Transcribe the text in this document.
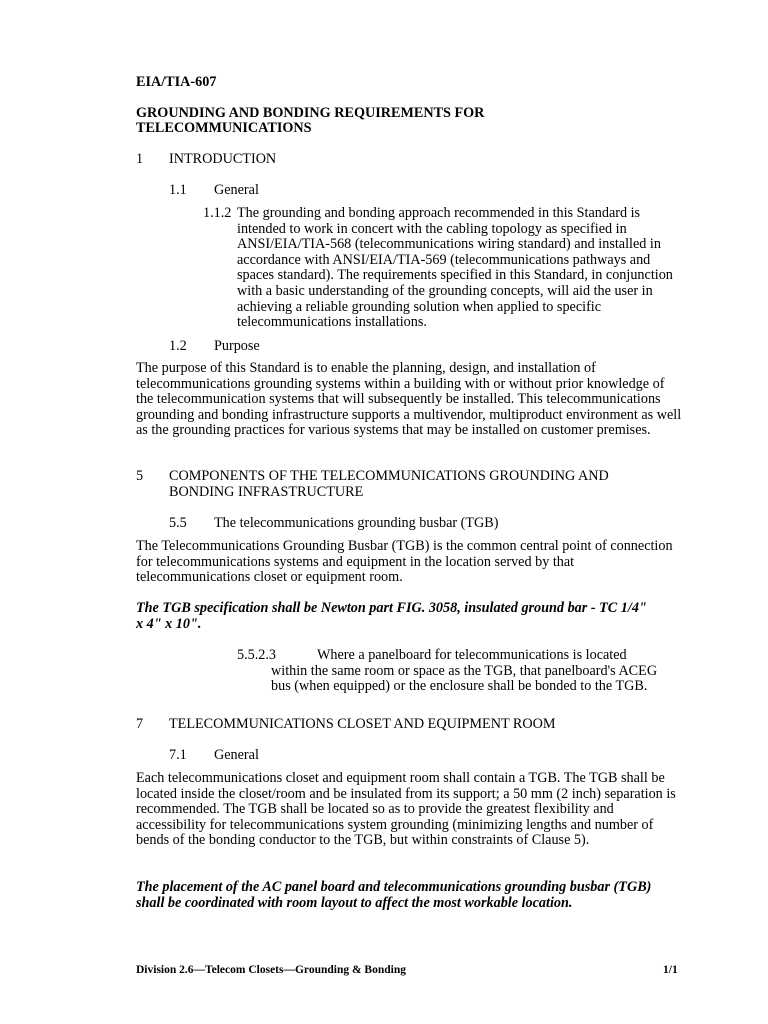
EIA/TIA-607
GROUNDING AND BONDING REQUIREMENTS FOR
TELECOMMUNICATIONS
1 INTRODUCTION
1.1 General
1.1.2 The grounding and bonding approach recommended in this Standard is intended to work in concert with the cabling topology as specified in ANSI/EIA/TIA-568 (telecommunications wiring standard) and installed in accordance with ANSI/EIA/TIA-569 (telecommunications pathways and spaces standard). The requirements specified in this Standard, in conjunction with a basic understanding of the grounding concepts, will aid the user in achieving a reliable grounding solution when applied to specific telecommunications installations.

1.2 Purpose

The purpose of this Standard is to enable the planning, design, and installation of telecommunications grounding systems within a building with or without prior knowledge of the telecommunication systems that will subsequently be installed. This telecommunications grounding and bonding infrastructure supports a multivendor, multiproduct environment as well as the grounding practices for various systems that may be installed on customer premises.

5 COMPONENTS OF THE TELECOMMUNICATIONS GROUNDING AND
BONDING INFRASTRUCTURE
5.5 The telecommunications grounding busbar (TGB)

The Telecommunications Grounding Busbar (TGB) is the common central point of connection for telecommunications systems and equipment in the location served by that telecommunications closet or equipment room.

The TGB specification shall be Newton part FIG. 3058, insulated ground bar - TC 1/4" x 4" x 10".

5.5.2.3	Where a panelboard for telecommunications is located within the same room or space as the TGB, that panelboard's ACEG bus (when equipped) or the enclosure shall be bonded to the TGB.

7 TELECOMMUNICATIONS CLOSET AND EQUIPMENT ROOM
7.1 General

Each telecommunications closet and equipment room shall contain a TGB. The TGB shall be located inside the closet/room and be insulated from its support; a 50 mm (2 inch) separation is recommended. The TGB shall be located so as to provide the greatest flexibility and accessibility for telecommunications system grounding (minimizing lengths and number of bends of the bonding conductor to the TGB, but within constraints of Clause 5).

The placement of the AC panel board and telecommunications grounding busbar (TGB) shall be coordinated with room layout to affect the most workable location.

Division 2.6—Telecom Closets—Grounding & Bonding	1/1
